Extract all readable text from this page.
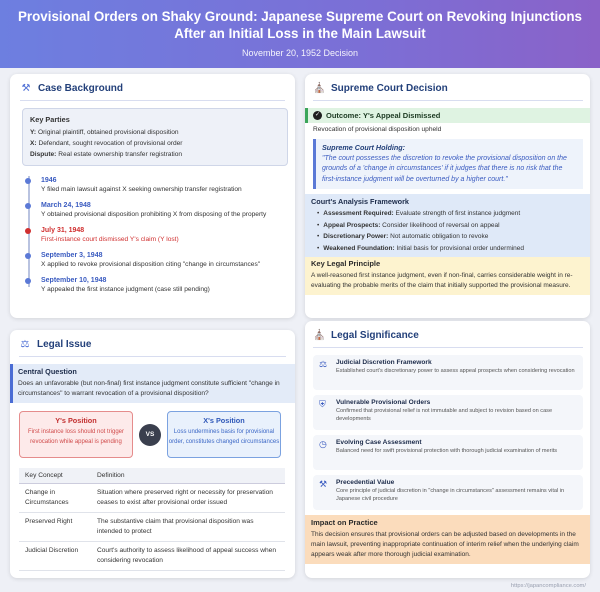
Provisional Orders on Shaky Ground: Japanese Supreme Court on Revoking Injunctions After an Initial Loss in the Main Lawsuit
November 20, 1952 Decision
⚒ Case Background
Key Parties
Y: Original plaintiff, obtained provisional disposition
X: Defendant, sought revocation of provisional order
Dispute: Real estate ownership transfer registration
1946
Y filed main lawsuit against X seeking ownership transfer registration
March 24, 1948
Y obtained provisional disposition prohibiting X from disposing of the property
July 31, 1948
First-instance court dismissed Y's claim (Y lost)
September 3, 1948
X applied to revoke provisional disposition citing "change in circumstances"
September 10, 1948
Y appealed the first instance judgment (case still pending)
⛪ Supreme Court Decision
✓ Outcome: Y's Appeal Dismissed
Revocation of provisional disposition upheld
Supreme Court Holding:
"The court possesses the discretion to revoke the provisional disposition on the grounds of a 'change in circumstances' if it judges that there is no risk that the first-instance judgment will be overturned by a higher court."
Court's Analysis Framework
• Assessment Required: Evaluate strength of first instance judgment
• Appeal Prospects: Consider likelihood of reversal on appeal
• Discretionary Power: Not automatic obligation to revoke
• Weakened Foundation: Initial basis for provisional order undermined
Key Legal Principle
A well-reasoned first instance judgment, even if non-final, carries considerable weight in re-evaluating the probable merits of the claim that initially supported the provisional measure.
⚖ Legal Issue
Central Question
Does an unfavorable (but non-final) first instance judgment constitute sufficient "change in circumstances" to warrant revocation of a provisional disposition?
Y's Position
First instance loss should not trigger revocation while appeal is pending
VS
X's Position
Loss undermines basis for provisional order, constitutes changed circumstances
Key Concept	Definition
Change in Circumstances	Situation where preserved right or necessity for preservation ceases to exist after provisional order issued
Preserved Right	The substantive claim that provisional disposition was intended to protect
Judicial Discretion	Court's authority to assess likelihood of appeal success when considering revocation
⛪ Legal Significance
⚖	Judicial Discretion Framework
Established court's discretionary power to assess appeal prospects when considering revocation
⛨	Vulnerable Provisional Orders
Confirmed that provisional relief is not immutable and subject to revision based on case developments
◷	Evolving Case Assessment
Balanced need for swift provisional protection with thorough judicial examination of merits
⚒	Precedential Value
Core principle of judicial discretion in "change in circumstances" assessment remains vital in Japanese civil procedure
Impact on Practice
This decision ensures that provisional orders can be adjusted based on developments in the main lawsuit, preventing inappropriate continuation of interim relief when the underlying claim appears weak after more thorough judicial examination.
https://japancompliance.com/
